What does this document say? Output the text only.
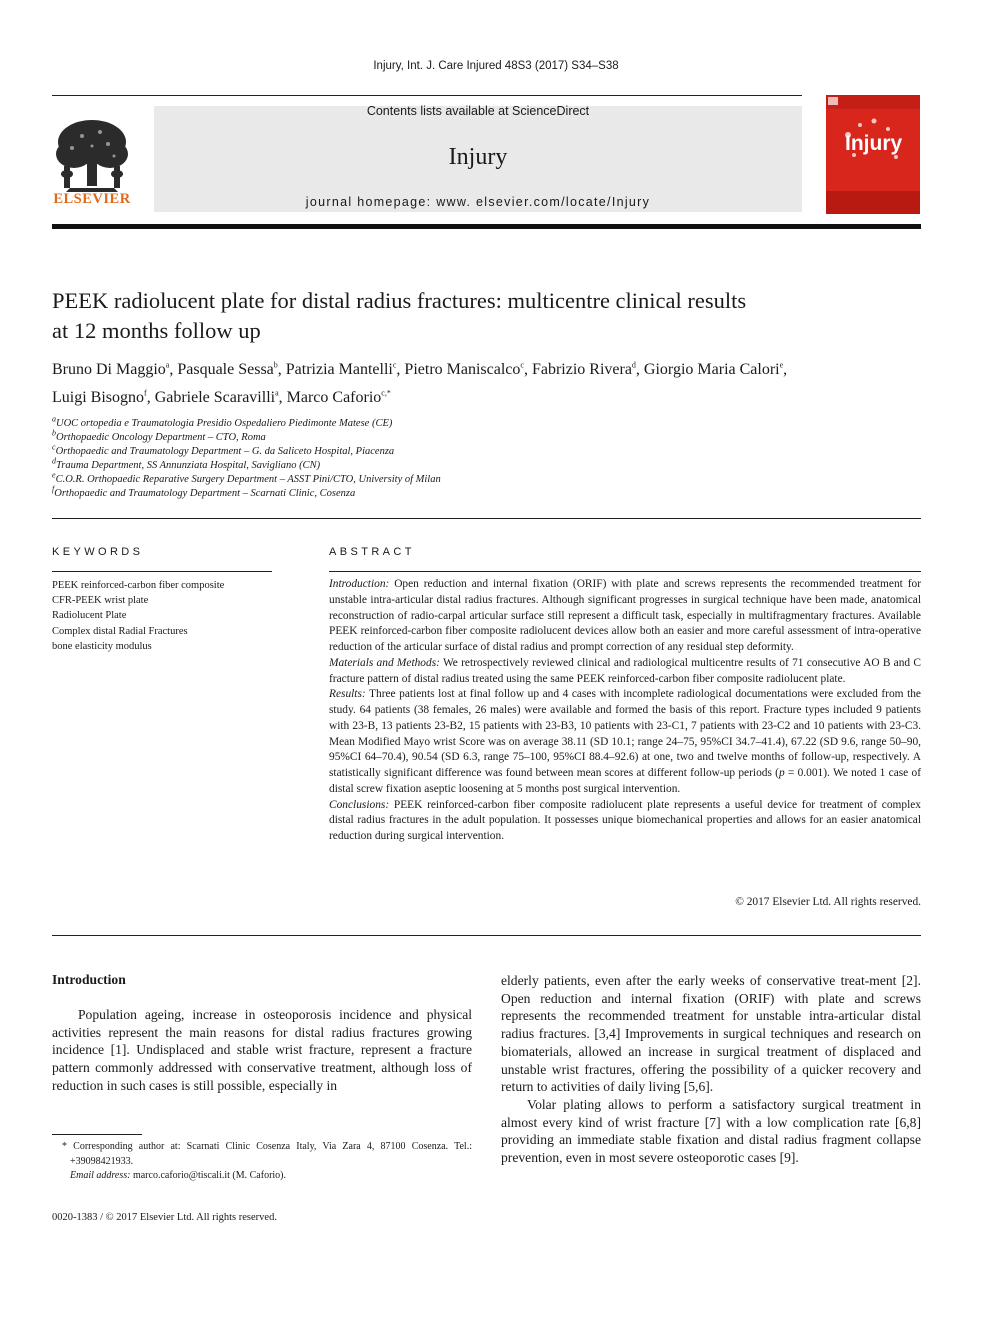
Injury, Int. J. Care Injured 48S3 (2017) S34–S38
ELSEVIER
Contents lists available at ScienceDirect
Injury
journal homepage: www. elsevier.com/locate/Injury
Injury
PEEK radiolucent plate for distal radius fractures: multicentre clinical results
at 12 months follow up
Bruno Di Maggio$^a$, Pasquale Sessa$^b$, Patrizia Mantelli$^c$, Pietro Maniscalco$^c$, Fabrizio Rivera$^d$, Giorgio Maria Calori$^e$,
Luigi Bisogno$^f$, Gabriele Scaravilli$^a$, Marco Caforio$^{c,*}$
$^a$UOC ortopedia e Traumatologia Presidio Ospedaliero Piedimonte Matese (CE)
$^b$Orthopaedic Oncology Department – CTO, Roma
$^c$Orthopaedic and Traumatology Department – G. da Saliceto Hospital, Piacenza
$^d$Trauma Department, SS Annunziata Hospital, Savigliano (CN)
$^e$C.O.R. Orthopaedic Reparative Surgery Department – ASST Pini/CTO, University of Milan
$^f$Orthopaedic and Traumatology Department – Scarnati Clinic, Cosenza
KEYWORDS
PEEK reinforced-carbon fiber composite
CFR-PEEK wrist plate
Radiolucent Plate
Complex distal Radial Fractures
bone elasticity modulus
ABSTRACT

Introduction: Open reduction and internal fixation (ORIF) with plate and screws represents the recommended treatment for unstable intra-articular distal radius fractures. Although significant progresses in surgical technique have been made, anatomical reconstruction of radio-carpal articular surface still represent a difficult task, especially in multifragmentary fractures. Available PEEK reinforced-carbon fiber composite radiolucent devices allow both an easier and more careful assessment of intra-operative reduction of the articular surface of distal radius and prompt correction of any residual step deformity.

Materials and Methods: We retrospectively reviewed clinical and radiological multicentre results of 71 consecutive AO B and C fracture pattern of distal radius treated using the same PEEK reinforced-carbon fiber composite radiolucent plate.

Results: Three patients lost at final follow up and 4 cases with incomplete radiological documentations were excluded from the study. 64 patients (38 females, 26 males) were available and formed the basis of this report. Fracture types included 9 patients with 23-B, 13 patients 23-B2, 15 patients with 23-B3, 10 patients with 23-C1, 7 patients with 23-C2 and 10 patients with 23-C3. Mean Modified Mayo wrist Score was on average 38.11 (SD 10.1; range 24–75, 95%CI 34.7–41.4), 67.22 (SD 9.6, range 50–90, 95%CI 64–70.4), 90.54 (SD 6.3, range 75–100, 95%CI 88.4–92.6) at one, two and twelve months of follow-up, respectively. A statistically significant difference was found between mean scores at different follow-up periods (p = 0.001). We noted 1 case of distal screw fixation aseptic loosening at 5 months post surgical intervention.

Conclusions: PEEK reinforced-carbon fiber composite radiolucent plate represents a useful device for treatment of complex distal radius fractures in the adult population. It possesses unique biomechanical properties and allows for an easier anatomical reduction during surgical intervention.

© 2017 Elsevier Ltd. All rights reserved.
Introduction

Population ageing, increase in osteoporosis incidence and physical activities represent the main reasons for distal radius fractures growing incidence [1]. Undisplaced and stable wrist fracture, represent a fracture pattern commonly addressed with conservative treatment, although loss of reduction in such cases is still possible, especially in

elderly patients, even after the early weeks of conservative treat-ment [2]. Open reduction and internal fixation (ORIF) with plate and screws represents the recommended treatment for unstable intra-articular distal radius fractures. [3,4] Improvements in surgical techniques and research on biomaterials, allowed an increase in surgical treatment of displaced and unstable wrist fractures, offering the possibility of a quicker recovery and return to activities of daily living [5,6].

Volar plating allows to perform a satisfactory surgical treatment in almost every kind of wrist fracture [7] with a low complication rate [6,8] providing an immediate stable fixation and distal radius fragment collapse prevention, even in most severe osteoporotic cases [9].

* Corresponding author at: Scarnati Clinic Cosenza Italy, Via Zara 4, 87100 Cosenza. Tel.: +39098421933.
Email address: marco.caforio@tiscali.it (M. Caforio).
0020-1383 / © 2017 Elsevier Ltd. All rights reserved.
